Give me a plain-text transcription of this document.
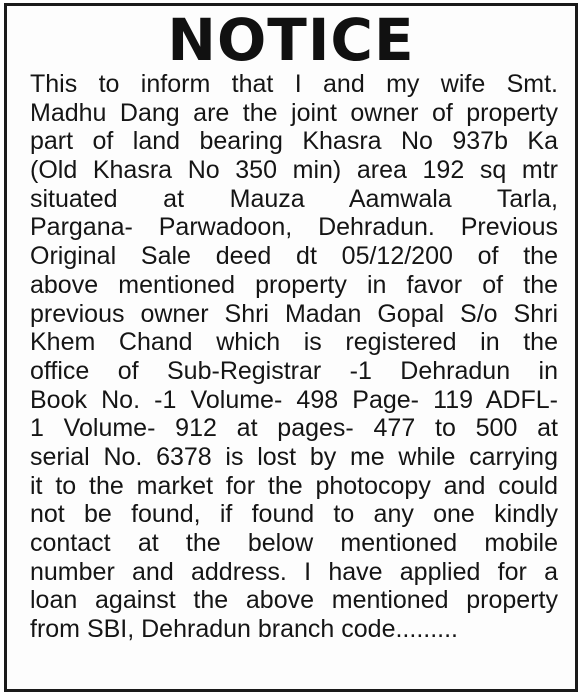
NOTICE
This to inform that I and my wife Smt.
Madhu Dang are the joint owner of property
part of land bearing Khasra No 937b Ka
(Old Khasra No 350 min) area 192 sq mtr
situated at Mauza Aamwala Tarla,
Pargana- Parwadoon, Dehradun. Previous
Original Sale deed dt 05/12/200 of the
above mentioned property in favor of the
previous owner Shri Madan Gopal S/o Shri
Khem Chand which is registered in the
office of Sub-Registrar -1 Dehradun in
Book No. -1 Volume- 498 Page- 119 ADFL-
1 Volume- 912 at pages- 477 to 500 at
serial No. 6378 is lost by me while carrying
it to the market for the photocopy and could
not be found, if found to any one kindly
contact at the below mentioned mobile
number and address. I have applied for a
loan against the above mentioned property
from SBI, Dehradun branch code.........
